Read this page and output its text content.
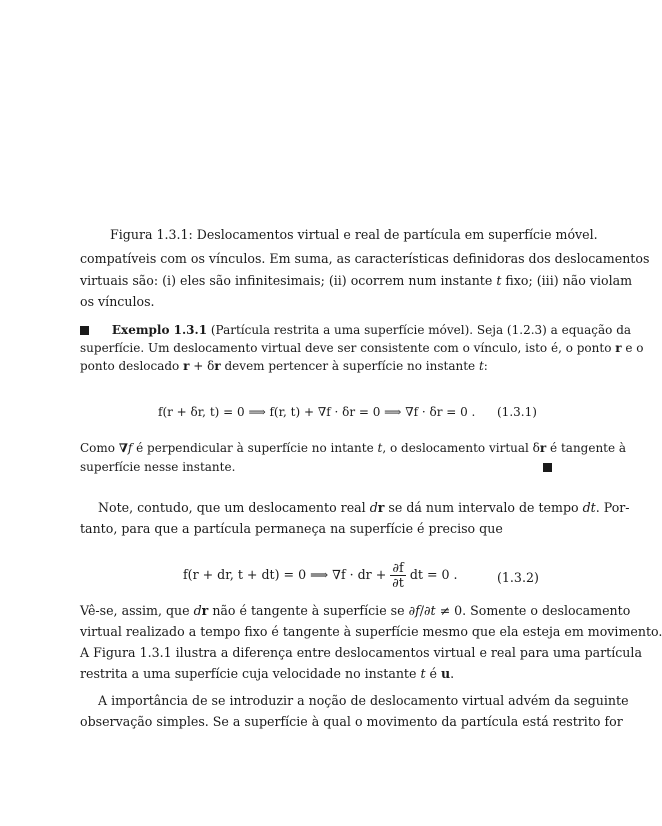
Figura 1.3.1: Deslocamentos virtual e real de partícula em superfície móvel.
compatíveis com os vínculos. Em suma, as características definidoras dos deslocamentos
virtuais são: (i) eles são infinitesimais; (ii) ocorrem num instante t fixo; (iii) não violam
os vínculos.
Exemplo 1.3.1 (Partícula restrita a uma superfície móvel). Seja (1.2.3) a equação da
superfície. Um deslocamento virtual deve ser consistente com o vínculo, isto é, o ponto r e o
ponto deslocado r + δr devem pertencer à superfície no instante t:
f(r + δr, t) = 0 ⟹ f(r, t) + ∇f · δr = 0 ⟹ ∇f · δr = 0 . (1.3.1)
Como ∇f é perpendicular à superfície no intante t, o deslocamento virtual δr é tangente à
superfície nesse instante.
Note, contudo, que um deslocamento real dr se dá num intervalo de tempo dt. Por-
tanto, para que a partícula permaneça na superfície é preciso que
f(r + dr, t + dt) = 0 ⟹ ∇f · dr + $\frac{\partial f}{\partial t}$ dt = 0 .	(1.3.2)
Vê-se, assim, que dr não é tangente à superfície se ∂f/∂t ≠ 0. Somente o deslocamento
virtual realizado a tempo fixo é tangente à superfície mesmo que ela esteja em movimento.
A Figura 1.3.1 ilustra a diferença entre deslocamentos virtual e real para uma partícula
restrita a uma superfície cuja velocidade no instante t é u.
A importância de se introduzir a noção de deslocamento virtual advém da seguinte
observação simples. Se a superfície à qual o movimento da partícula está restrito for
